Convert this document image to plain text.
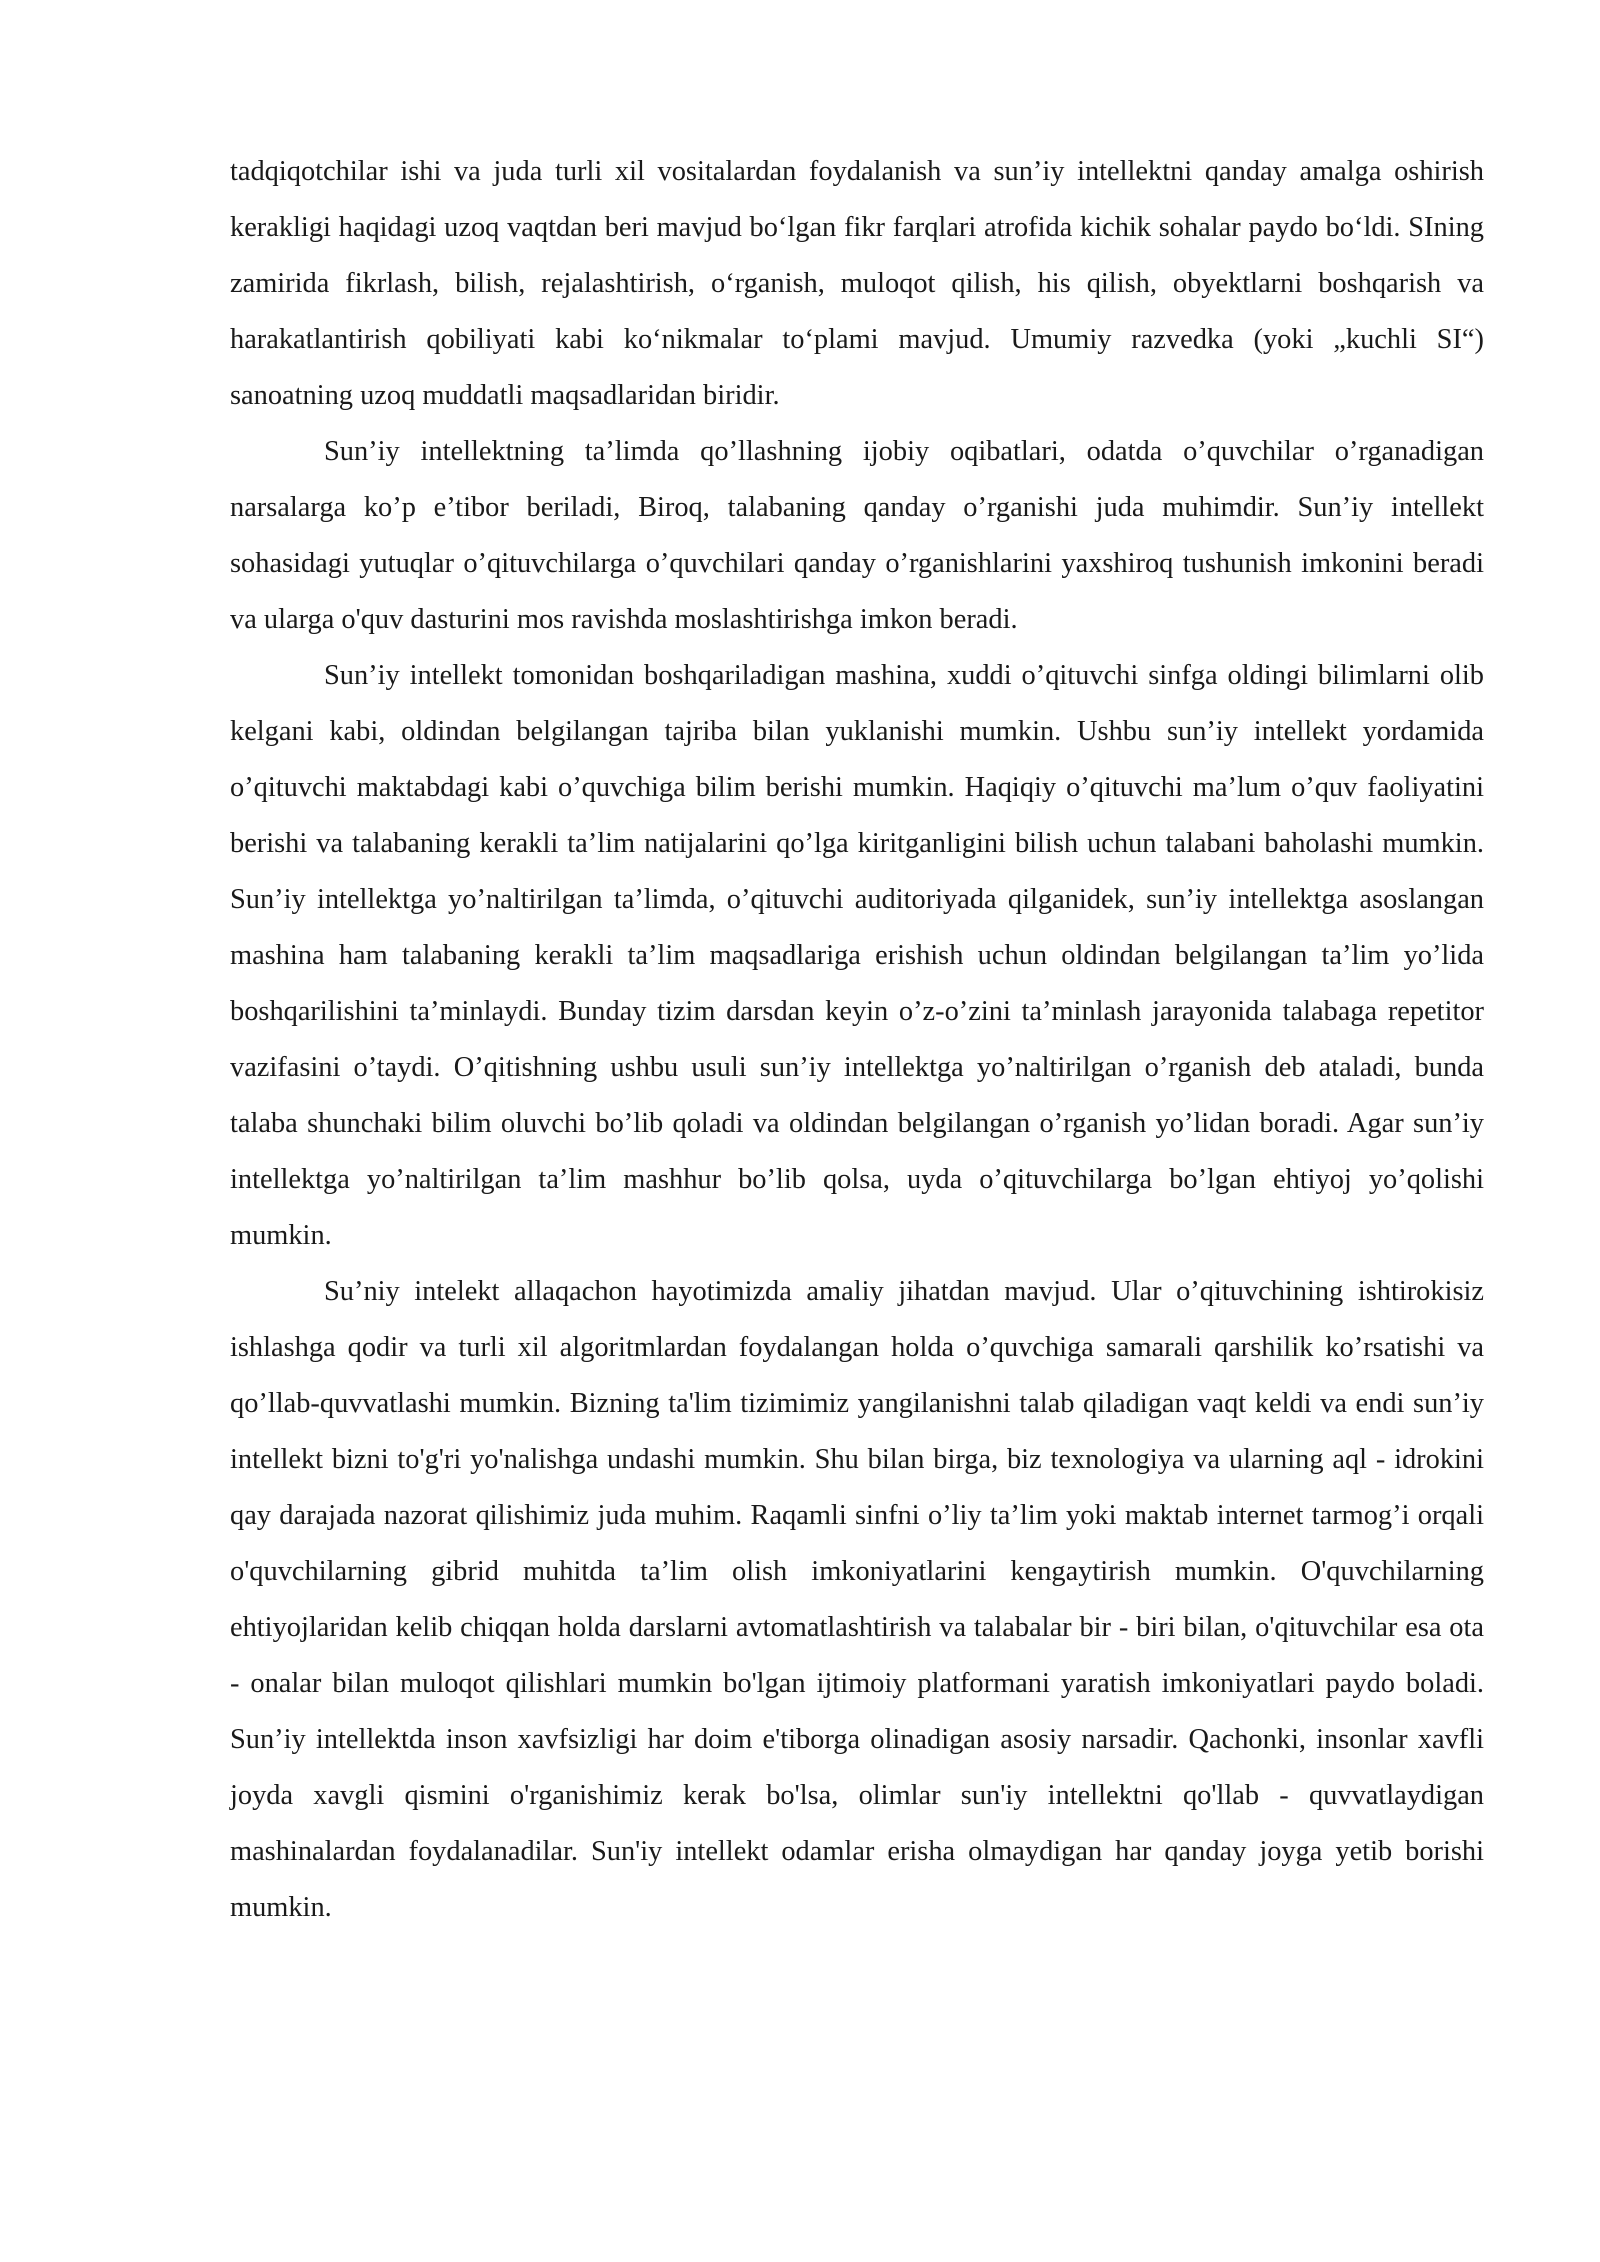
tadqiqotchilar ishi va juda turli xil vositalardan foydalanish va sun’iy intellektni qanday amalga oshirish kerakligi haqidagi uzoq vaqtdan beri mavjud bo‘lgan fikr farqlari atrofida kichik sohalar paydo bo‘ldi. SIning zamirida fikrlash, bilish, rejalashtirish, o‘rganish, muloqot qilish, his qilish, obyektlarni boshqarish va harakatlantirish qobiliyati kabi ko‘nikmalar to‘plami mavjud. Umumiy razvedka (yoki „kuchli SI“) sanoatning uzoq muddatli maqsadlaridan biridir.

Sun’iy intellektning ta’limda qo’llashning ijobiy oqibatlari, odatda o’quvchilar o’rganadigan narsalarga ko’p e’tibor beriladi, Biroq, talabaning qanday o’rganishi juda muhimdir. Sun’iy intellekt sohasidagi yutuqlar o’qituvchilarga o’quvchilari qanday o’rganishlarini yaxshiroq tushunish imkonini beradi va ularga o'quv dasturini mos ravishda moslashtirishga imkon beradi.

Sun’iy intellekt tomonidan boshqariladigan mashina, xuddi o’qituvchi sinfga oldingi bilimlarni olib kelgani kabi, oldindan belgilangan tajriba bilan yuklanishi mumkin. Ushbu sun’iy intellekt yordamida o’qituvchi maktabdagi kabi o’quvchiga bilim berishi mumkin. Haqiqiy o’qituvchi ma’lum o’quv faoliyatini berishi va talabaning kerakli ta’lim natijalarini qo’lga kiritganligini bilish uchun talabani baholashi mumkin. Sun’iy intellektga yo’naltirilgan ta’limda, o’qituvchi auditoriyada qilganidek, sun’iy intellektga asoslangan mashina ham talabaning kerakli ta’lim maqsadlariga erishish uchun oldindan belgilangan ta’lim yo’lida boshqarilishini ta’minlaydi. Bunday tizim darsdan keyin o’z-o’zini ta’minlash jarayonida talabaga repetitor vazifasini o’taydi. O’qitishning ushbu usuli sun’iy intellektga yo’naltirilgan o’rganish deb ataladi, bunda talaba shunchaki bilim oluvchi bo’lib qoladi va oldindan belgilangan o’rganish yo’lidan boradi. Agar sun’iy intellektga yo’naltirilgan ta’lim mashhur bo’lib qolsa, uyda o’qituvchilarga bo’lgan ehtiyoj yo’qolishi mumkin.

Su’niy intelekt allaqachon hayotimizda amaliy jihatdan mavjud. Ular o’qituvchining ishtirokisiz ishlashga qodir va turli xil algoritmlardan foydalangan holda o’quvchiga samarali qarshilik ko’rsatishi va qo’llab-quvvatlashi mumkin. Bizning ta'lim tizimimiz yangilanishni talab qiladigan vaqt keldi va endi sun’iy intellekt bizni to'g'ri yo'nalishga undashi mumkin. Shu bilan birga, biz texnologiya va ularning aql - idrokini qay darajada nazorat qilishimiz juda muhim. Raqamli sinfni o’liy ta’lim yoki maktab internet tarmog’i orqali o'quvchilarning gibrid muhitda ta’lim olish imkoniyatlarini kengaytirish mumkin. O'quvchilarning ehtiyojlaridan kelib chiqqan holda darslarni avtomatlashtirish va talabalar bir - biri bilan, o'qituvchilar esa ota - onalar bilan muloqot qilishlari mumkin bo'lgan ijtimoiy platformani yaratish imkoniyatlari paydo boladi. Sun’iy intellektda inson xavfsizligi har doim e'tiborga olinadigan asosiy narsadir. Qachonki, insonlar xavfli joyda xavgli qismini o'rganishimiz kerak bo'lsa, olimlar sun'iy intellektni qo'llab - quvvatlaydigan mashinalardan foydalanadilar. Sun'iy intellekt odamlar erisha olmaydigan har qanday joyga yetib borishi mumkin.
